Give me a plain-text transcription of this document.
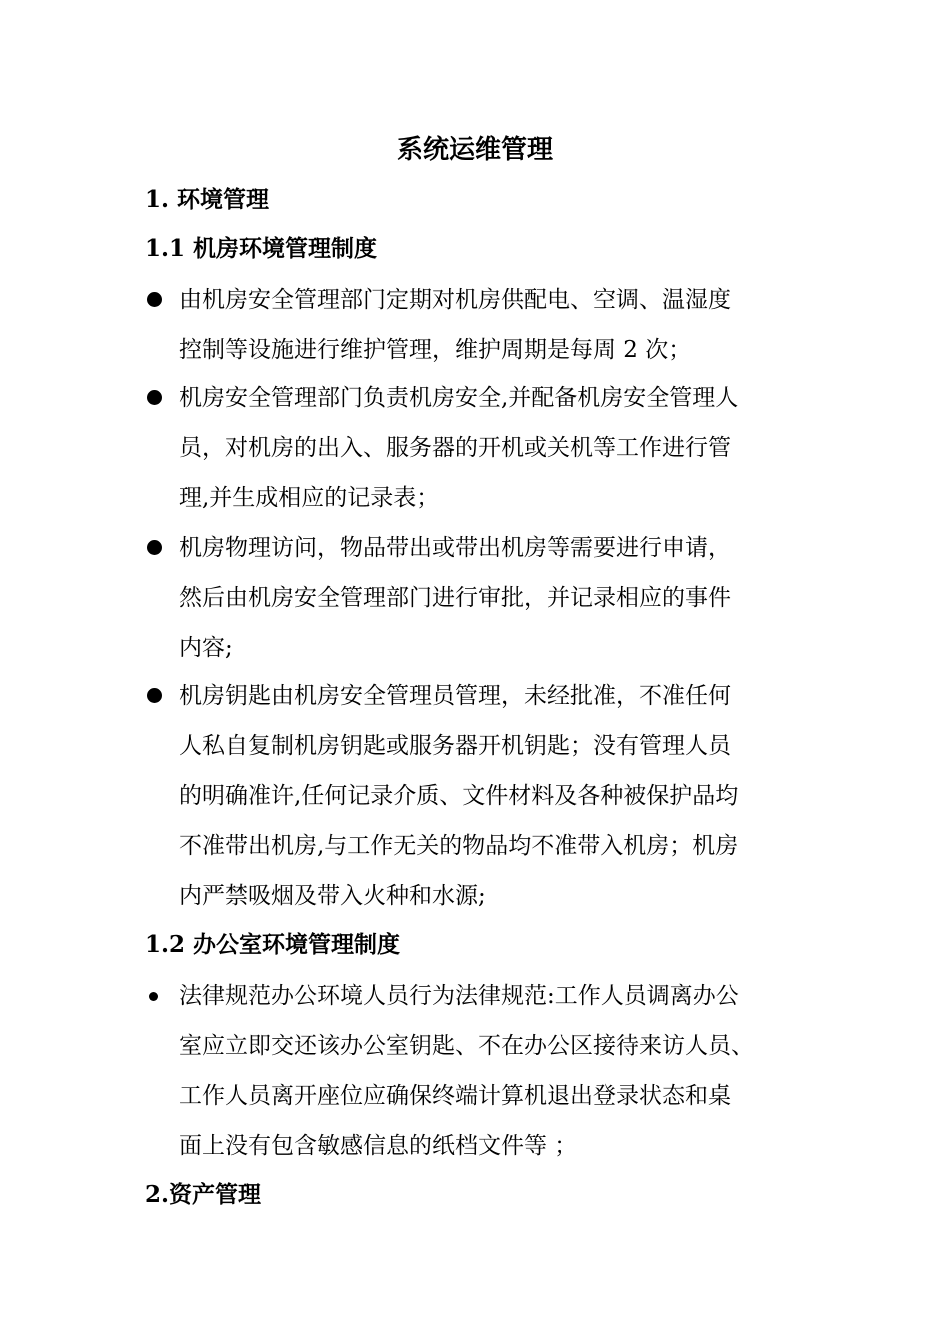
系统运维管理
1. 环境管理
1.1 机房环境管理制度

由机房安全管理部门定期对机房供配电、空调、温湿度
控制等设施进行维护管理，维护周期是每周 2 次；

机房安全管理部门负责机房安全,并配备机房安全管理人
员，对机房的出入、服务器的开机或关机等工作进行管
理,并生成相应的记录表；

机房物理访问，物品带出或带出机房等需要进行申请，
然后由机房安全管理部门进行审批，并记录相应的事件
内容;

机房钥匙由机房安全管理员管理，未经批准，不准任何
人私自复制机房钥匙或服务器开机钥匙；没有管理人员
的明确准许,任何记录介质、文件材料及各种被保护品均
不准带出机房,与工作无关的物品均不准带入机房；机房
内严禁吸烟及带入火种和水源;

1.2 办公室环境管理制度

法律规范办公环境人员行为法律规范:工作人员调离办公
室应立即交还该办公室钥匙、不在办公区接待来访人员、
工作人员离开座位应确保终端计算机退出登录状态和桌
面上没有包含敏感信息的纸档文件等 ；

2.资产管理
